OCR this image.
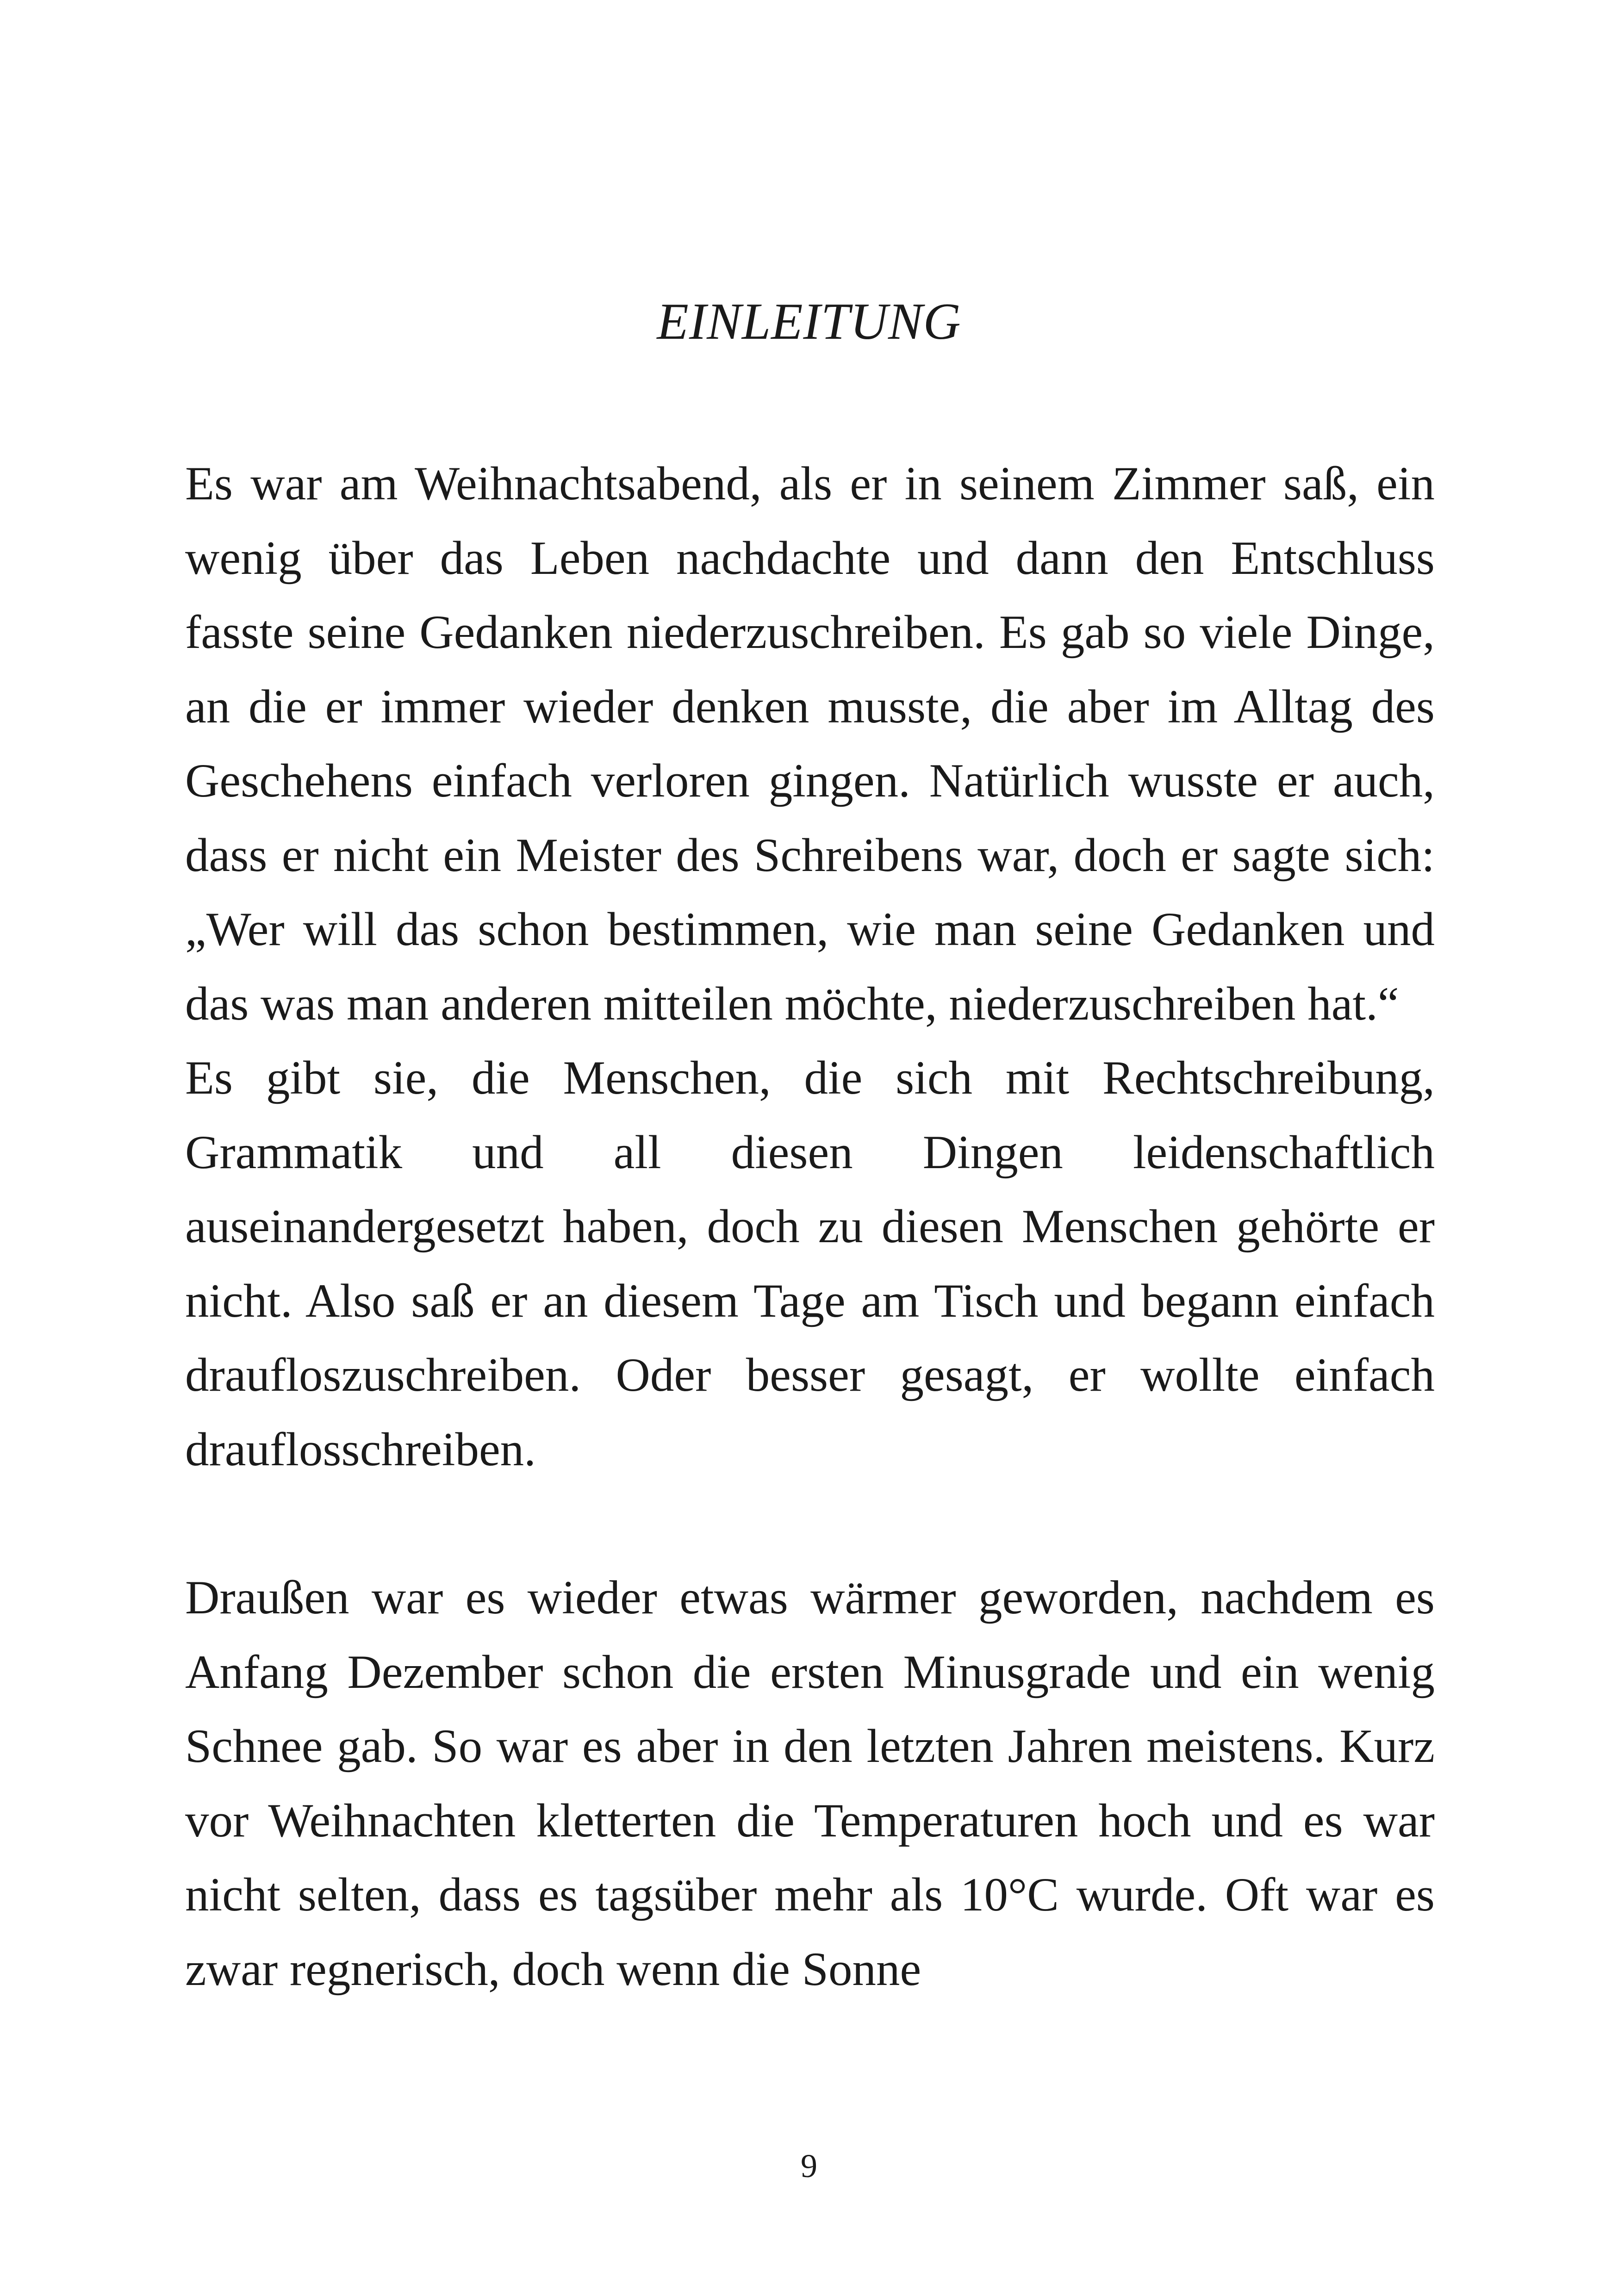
EINLEITUNG

Es war am Weihnachtsabend, als er in seinem Zimmer saß, ein wenig über das Leben nachdachte und dann den Entschluss fasste seine Gedanken niederzuschreiben. Es gab so viele Dinge, an die er immer wieder denken musste, die aber im Alltag des Geschehens einfach verloren gingen. Natürlich wusste er auch, dass er nicht ein Meister des Schreibens war, doch er sagte sich: „Wer will das schon bestimmen, wie man seine Gedanken und das was man anderen mitteilen möchte, niederzuschreiben hat.“

Es gibt sie, die Menschen, die sich mit Rechtschreibung, Grammatik und all diesen Dingen leidenschaftlich auseinandergesetzt haben, doch zu diesen Menschen gehörte er nicht. Also saß er an diesem Tage am Tisch und begann einfach draufloszuschreiben. Oder besser gesagt, er wollte einfach drauflosschreiben.

Draußen war es wieder etwas wärmer geworden, nachdem es Anfang Dezember schon die ersten Minusgrade und ein wenig Schnee gab. So war es aber in den letzten Jahren meistens. Kurz vor Weihnachten kletterten die Temperaturen hoch und es war nicht selten, dass es tagsüber mehr als 10°C wurde. Oft war es zwar regnerisch, doch wenn die Sonne

9
